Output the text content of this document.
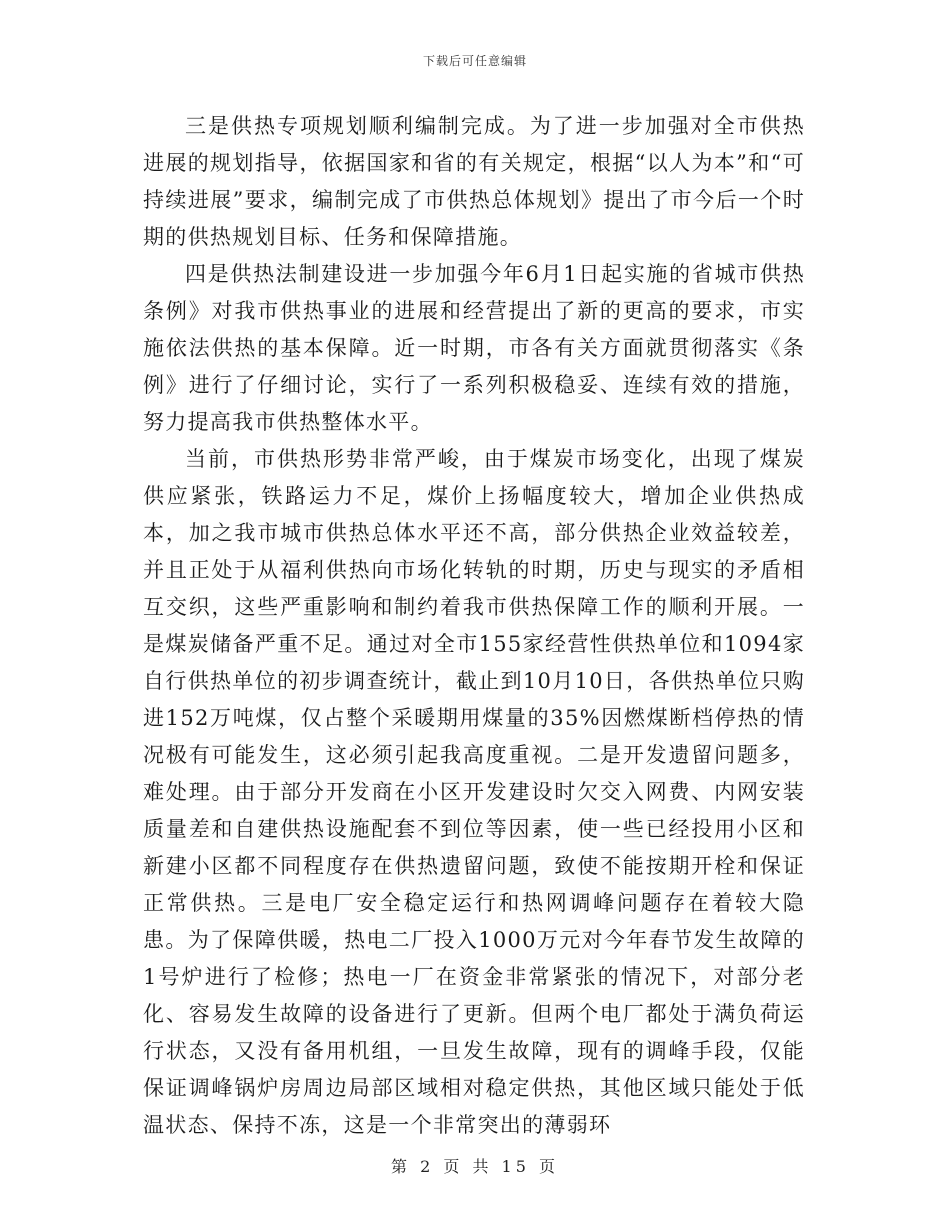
下载后可任意编辑

三是供热专项规划顺利编制完成。为了进一步加强对全市供热进展的规划指导，依据国家和省的有关规定，根据“以人为本”和“可持续进展”要求，编制完成了市供热总体规划》提出了市今后一个时期的供热规划目标、任务和保障措施。

四是供热法制建设进一步加强今年6月1日起实施的省城市供热条例》对我市供热事业的进展和经营提出了新的更高的要求，市实施依法供热的基本保障。近一时期，市各有关方面就贯彻落实《条例》进行了仔细讨论，实行了一系列积极稳妥、连续有效的措施，努力提高我市供热整体水平。

当前，市供热形势非常严峻，由于煤炭市场变化，出现了煤炭供应紧张，铁路运力不足，煤价上扬幅度较大，增加企业供热成本，加之我市城市供热总体水平还不高，部分供热企业效益较差，并且正处于从福利供热向市场化转轨的时期，历史与现实的矛盾相互交织，这些严重影响和制约着我市供热保障工作的顺利开展。一是煤炭储备严重不足。通过对全市155家经营性供热单位和1094家自行供热单位的初步调查统计，截止到10月10日，各供热单位只购进152万吨煤，仅占整个采暖期用煤量的35%因燃煤断档停热的情况极有可能发生，这必须引起我高度重视。二是开发遗留问题多，难处理。由于部分开发商在小区开发建设时欠交入网费、内网安装质量差和自建供热设施配套不到位等因素，使一些已经投用小区和新建小区都不同程度存在供热遗留问题，致使不能按期开栓和保证正常供热。三是电厂安全稳定运行和热网调峰问题存在着较大隐患。为了保障供暖，热电二厂投入1000万元对今年春节发生故障的1号炉进行了检修；热电一厂在资金非常紧张的情况下，对部分老化、容易发生故障的设备进行了更新。但两个电厂都处于满负荷运行状态，又没有备用机组，一旦发生故障，现有的调峰手段，仅能保证调峰锅炉房周边局部区域相对稳定供热，其他区域只能处于低温状态、保持不冻，这是一个非常突出的薄弱环

第 2 页 共 15 页
